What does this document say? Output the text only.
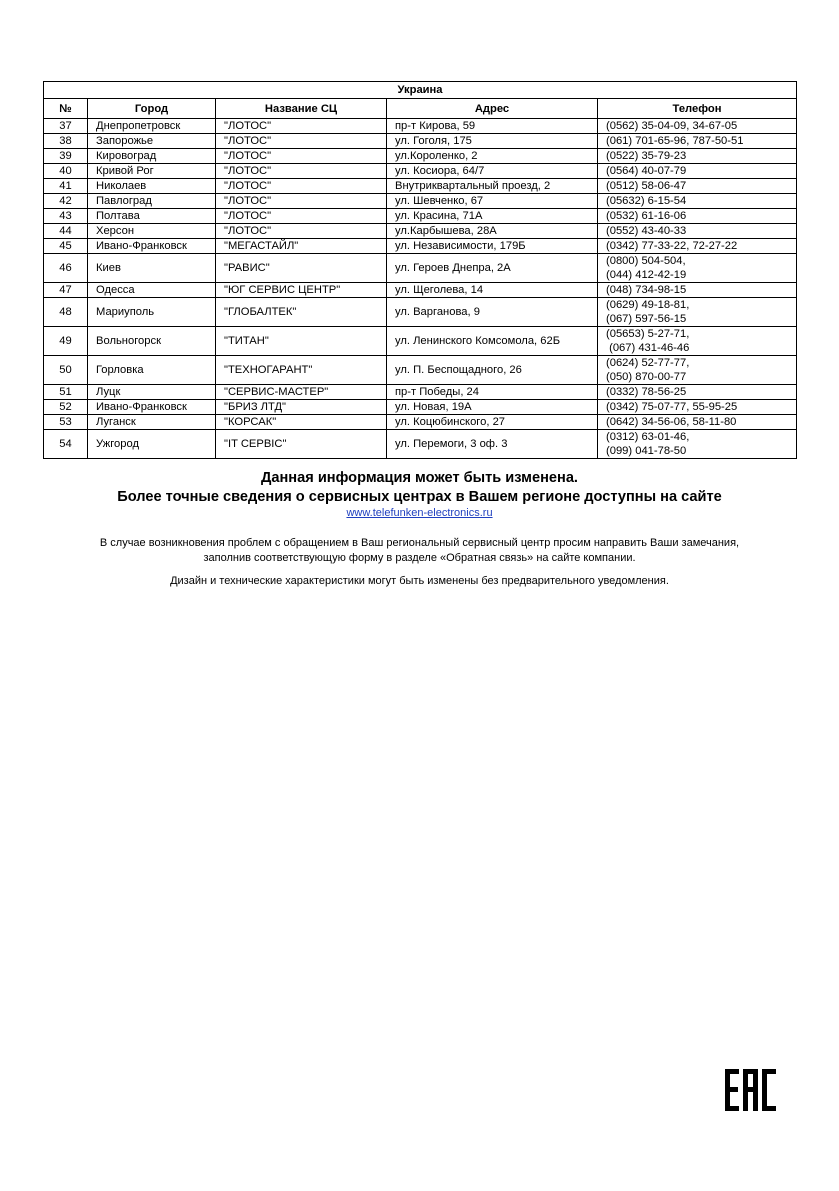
Украина				
№	Город	Название СЦ	Адрес	Телефон
37	Днепропетровск	"ЛОТОС"	пр-т Кирова, 59	(0562) 35-04-09, 34-67-05

38	Запорожье	"ЛОТОС"	ул. Гоголя, 175	(061) 701-65-96, 787-50-51

39	Кировоград	"ЛОТОС"	ул.Короленко, 2	(0522) 35-79-23

40	Кривой Рог	"ЛОТОС"	ул. Косиора, 64/7	(0564) 40-07-79

41	Николаев	"ЛОТОС"	Внутриквартальный проезд, 2	(0512) 58-06-47

42	Павлоград	"ЛОТОС"	ул. Шевченко, 67	(05632) 6-15-54

43	Полтава	"ЛОТОС"	ул. Красина, 71А	(0532) 61-16-06

44	Херсон	"ЛОТОС"	ул.Карбышева, 28А	(0552) 43-40-33

45	Ивано-Франковск	"МЕГАСТАЙЛ"	ул. Независимости, 179Б	(0342) 77-33-22, 72-27-22

46	Киев	"РАВИС"	ул. Героев Днепра, 2А	(0800) 504-504,
(044) 412-42-19

47	Одесса	"ЮГ СЕРВИС ЦЕНТР"	ул. Щеголева, 14	(048) 734-98-15

48	Мариуполь	"ГЛОБАЛТЕК"	ул. Варганова, 9	(0629) 49-18-81,
(067) 597-56-15

49	Вольногорск	"ТИТАН"	ул. Ленинского Комсомола, 62Б	(05653) 5-27-71,
(067) 431-46-46

50	Горловка	"ТЕХНОГАРАНТ"	ул. П. Беспощадного, 26	(0624) 52-77-77,
(050) 870-00-77

51	Луцк	"СЕРВИС-МАСТЕР"	пр-т Победы, 24	(0332) 78-56-25

52	Ивано-Франковск	"БРИЗ ЛТД"	ул. Новая, 19А	(0342) 75-07-77, 55-95-25

53	Луганск	"КОРСАК"	ул. Коцюбинского, 27	(0642) 34-56-06, 58-11-80

54	Ужгород	"IT СЕРВІС"	ул. Перемоги, 3 оф. 3	(0312) 63-01-46,
(099) 041-78-50
Данная информация может быть изменена.
Более точные сведения о сервисных центрах в Вашем регионе доступны на сайте
www.telefunken-electronics.ru
В случае возникновения проблем с обращением в Ваш региональный сервисный центр просим направить Ваши замечания,
заполнив соответствующую форму в разделе «Обратная связь» на сайте компании.
Дизайн и технические характеристики могут быть изменены без предварительного уведомления.
